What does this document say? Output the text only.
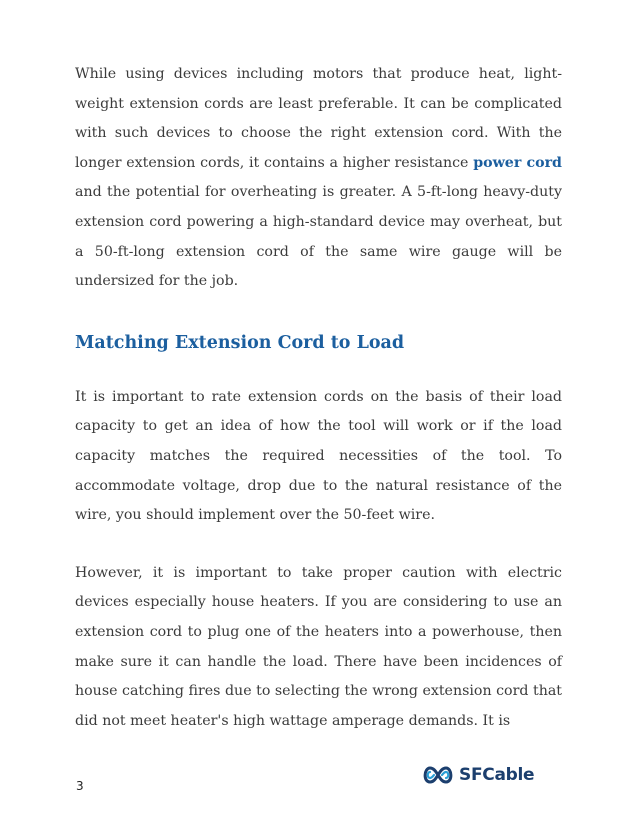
While using devices including motors that produce heat, light-weight extension cords are least preferable. It can be complicated with such devices to choose the right extension cord. With the longer extension cords, it contains a higher resistance power cord and the potential for overheating is greater. A 5-ft-long heavy-duty extension cord powering a high-standard device may overheat, but a 50-ft-long extension cord of the same wire gauge will be undersized for the job.

Matching Extension Cord to Load

It is important to rate extension cords on the basis of their load capacity to get an idea of how the tool will work or if the load capacity matches the required necessities of the tool. To accommodate voltage, drop due to the natural resistance of the wire, you should implement over the 50-feet wire.

However, it is important to take proper caution with electric devices especially house heaters. If you are considering to use an extension cord to plug one of the heaters into a powerhouse, then make sure it can handle the load. There have been incidences of house catching fires due to selecting the wrong extension cord that did not meet heater's high wattage amperage demands. It is

3
SFCable
